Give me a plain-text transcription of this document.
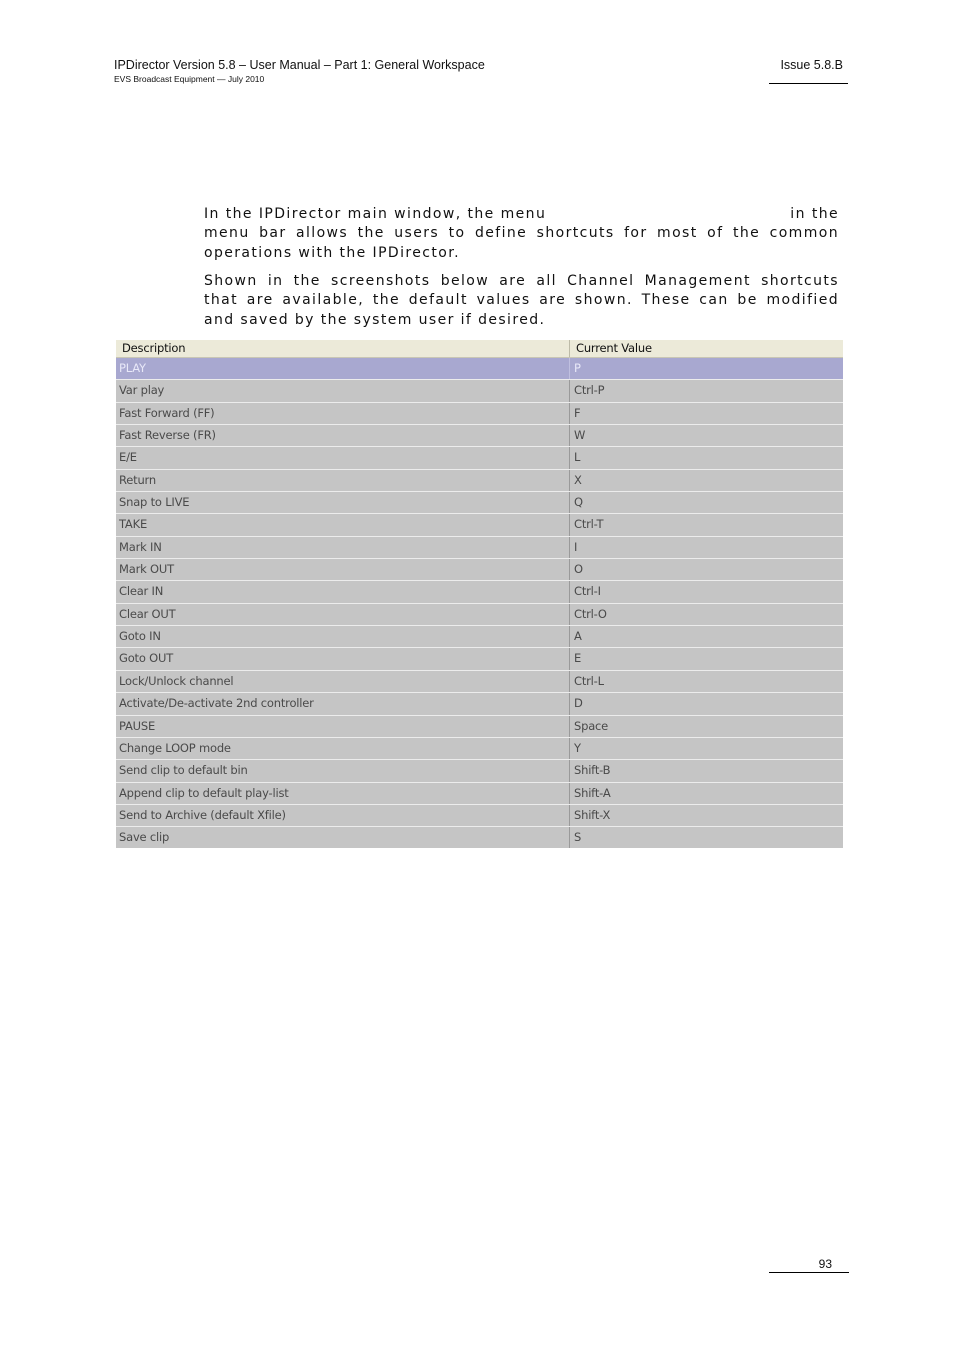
IPDirector Version 5.8 – User Manual – Part 1: General Workspace
EVS Broadcast Equipment — July 2010
Issue 5.8.B

In the IPDirector main window, the menu                                         in the menu bar allows the users to define shortcuts for most of the common operations with the IPDirector.

Shown in the screenshots below are all Channel Management shortcuts that are available, the default values are shown. These can be modified and saved by the system user if desired.

Description	Current Value
PLAY	P
Var play	Ctrl-P
Fast Forward (FF)	F
Fast Reverse (FR)	W
E/E	L
Return	X
Snap to LIVE	Q
TAKE	Ctrl-T
Mark IN	I
Mark OUT	O
Clear IN	Ctrl-I
Clear OUT	Ctrl-O
Goto IN	A
Goto OUT	E
Lock/Unlock channel	Ctrl-L
Activate/De-activate 2nd controller	D
PAUSE	Space
Change LOOP mode	Y
Send clip to default bin	Shift-B
Append clip to default play-list	Shift-A
Send to Archive (default Xfile)	Shift-X
Save clip	S
93
